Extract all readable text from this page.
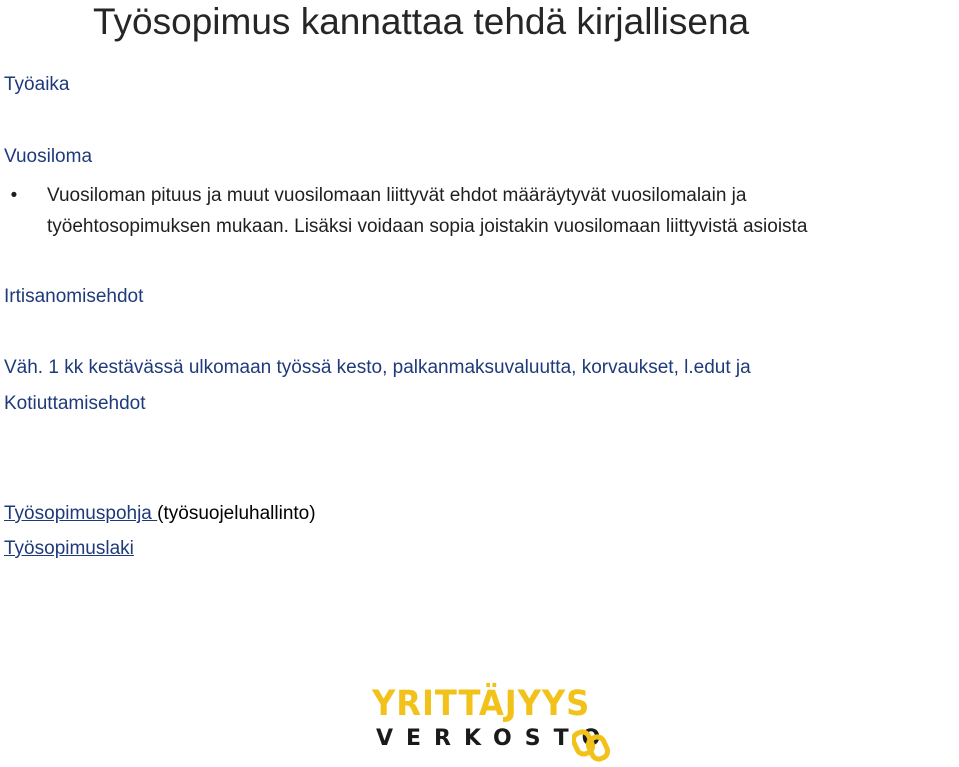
Työsopimus kannattaa tehdä kirjallisena
Työaika
Vuosiloma
•	Vuosiloman pituus ja muut vuosilomaan liittyvät ehdot määräytyvät vuosilomalain ja
työehtosopimuksen mukaan. Lisäksi voidaan sopia joistakin vuosilomaan liittyvistä asioista
Irtisanomisehdot
Väh. 1 kk kestävässä ulkomaan työssä kesto, palkanmaksuvaluutta, korvaukset, l.edut ja
Kotiuttamisehdot
Työsopimuspohja (työsuojeluhallinto)
Työsopimuslaki
YRITTÄJYYS
VERKOSTO
